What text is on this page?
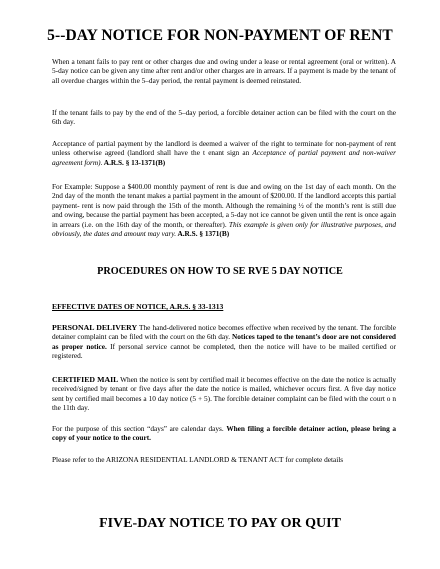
5--DAY NOTICE FOR NON-PAYMENT OF RENT
When a tenant fails to pay rent or other charges due and owing under a lease or rental agreement (oral or written). A 5-day notice can be given any time after rent and/or other charges are in arrears. If a payment is made by the tenant of all overdue charges within the 5–day period, the rental payment is deemed reinstated.
If the tenant fails to pay by the end of the 5–day period, a forcible detainer action can be filed with the court on the 6th day.
Acceptance of partial payment by the landlord is deemed a waiver of the right to terminate for non-payment of rent unless otherwise agreed (landlord shall have the t enant sign an Acceptance of partial payment and non-waiver agreement form). A.R.S. § 13-1371(B)
For Example: Suppose a $400.00 monthly payment of rent is due and owing on the 1st day of each month. On the 2nd day of the month the tenant makes a partial payment in the amount of $200.00. If the landlord accepts this partial payment- rent is now paid through the 15th of the month. Although the remaining ½ of the month’s rent is still due and owing, because the partial payment has been accepted, a 5-day not ice cannot be given until the rent is once again in arrears (i.e. on the 16th day of the month, or thereafter). This example is given only for illustrative purposes, and obviously, the dates and amount may vary. A.R.S. § 1371(B)
PROCEDURES ON HOW TO SE RVE 5 DAY NOTICE
EFFECTIVE DATES OF NOTICE, A.R.S. § 33-1313
PERSONAL DELIVERY The hand-delivered notice becomes effective when received by the tenant. The forcible detainer complaint can be filed with the court on the 6th day. Notices taped to the tenant’s door are not considered as proper notice. If personal service cannot be completed, then the notice will have to be mailed certified or registered.
CERTIFIED MAIL When the notice is sent by certified mail it becomes effective on the date the notice is actually received/signed by tenant or five days after the date the notice is mailed, whichever occurs first. A five day notice sent by certified mail becomes a 10 day notice (5 + 5). The forcible detainer complaint can be filed with the court o n the 11th day.
For the purpose of this section “days” are calendar days. When filing a forcible detainer action, please bring a copy of your notice to the court.
Please refer to the ARIZONA RESIDENTIAL LANDLORD & TENANT ACT for complete details
FIVE-DAY NOTICE TO PAY OR QUIT
